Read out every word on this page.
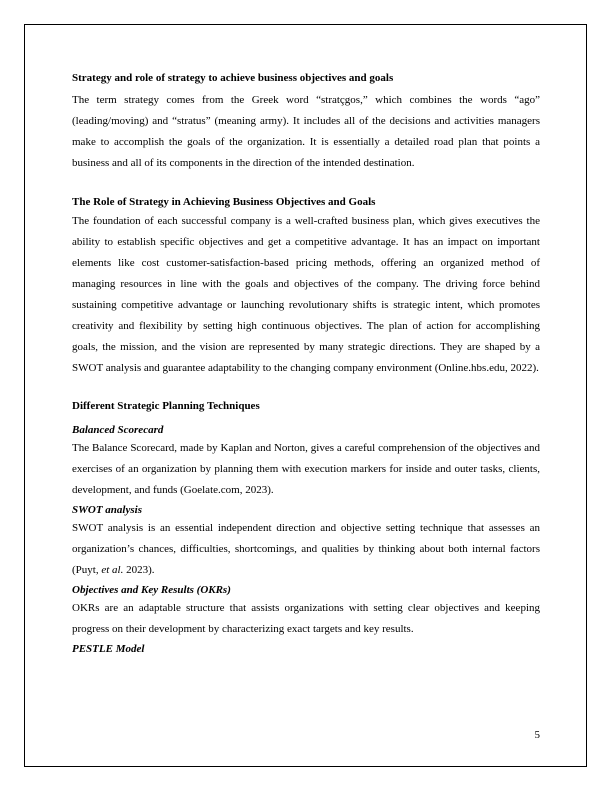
Strategy and role of strategy to achieve business objectives and goals

The term strategy comes from the Greek word “stratçgos,” which combines the words “ago” (leading/moving) and “stratus” (meaning army). It includes all of the decisions and activities managers make to accomplish the goals of the organization. It is essentially a detailed road plan that points a business and all of its components in the direction of the intended destination.

The Role of Strategy in Achieving Business Objectives and Goals

The foundation of each successful company is a well-crafted business plan, which gives executives the ability to establish specific objectives and get a competitive advantage. It has an impact on important elements like cost customer-satisfaction-based pricing methods, offering an organized method of managing resources in line with the goals and objectives of the company. The driving force behind sustaining competitive advantage or launching revolutionary shifts is strategic intent, which promotes creativity and flexibility by setting high continuous objectives. The plan of action for accomplishing goals, the mission, and the vision are represented by many strategic directions. They are shaped by a SWOT analysis and guarantee adaptability to the changing company environment (Online.hbs.edu, 2022).

Different Strategic Planning Techniques

Balanced Scorecard

The Balance Scorecard, made by Kaplan and Norton, gives a careful comprehension of the objectives and exercises of an organization by planning them with execution markers for inside and outer tasks, clients, development, and funds (Goelate.com, 2023).

SWOT analysis

SWOT analysis is an essential independent direction and objective setting technique that assesses an organization’s chances, difficulties, shortcomings, and qualities by thinking about both internal factors (Puyt, et al. 2023).

Objectives and Key Results (OKRs)

OKRs are an adaptable structure that assists organizations with setting clear objectives and keeping progress on their development by characterizing exact targets and key results.

PESTLE Model

5
